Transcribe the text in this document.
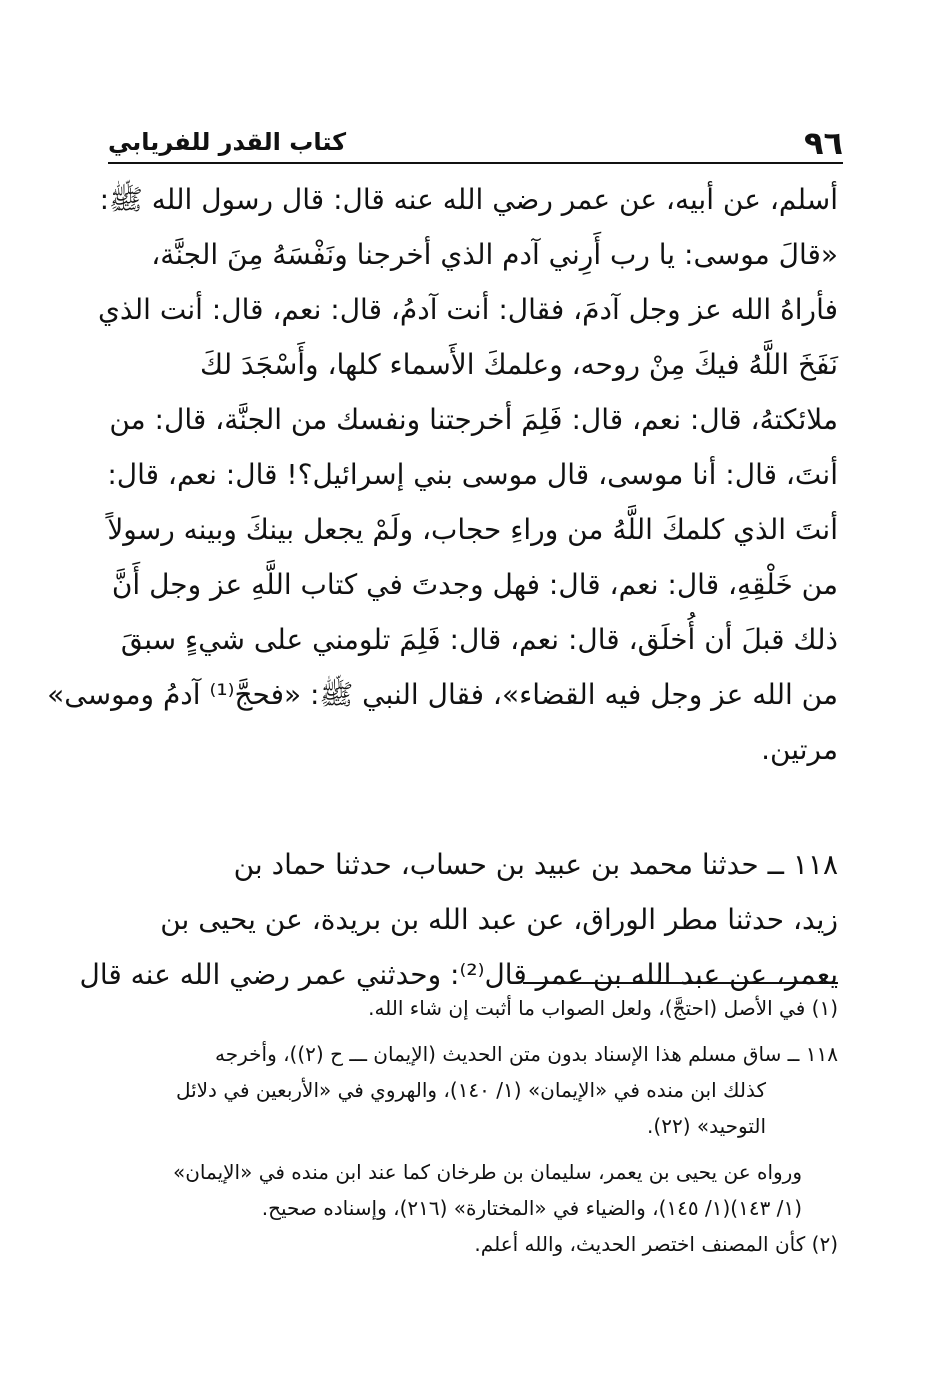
٩٦
كتاب القدر للفريابي
أسلم، عن أبيه، عن عمر رضي الله عنه قال: قال رسول الله ﷺ:
«قالَ موسى: يا رب أَرِني آدم الذي أخرجنا ونَفْسَهُ مِنَ الجنَّة،
فأراهُ الله عز وجل آدمَ، فقال: أنت آدمُ، قال: نعم، قال: أنت الذي
نَفَخَ اللَّهُ فيكَ مِنْ روحه، وعلمكَ الأَسماء كلها، وأَسْجَدَ لكَ
ملائكتهُ، قال: نعم، قال: فَلِمَ أخرجتنا ونفسك من الجنَّة، قال: من
أنتَ، قال: أنا موسى، قال موسى بني إسرائيل؟! قال: نعم، قال:
أنتَ الذي كلمكَ اللَّهُ من وراءِ حجاب، ولَمْ يجعل بينكَ وبينه رسولاً
من خَلْقِهِ، قال: نعم، قال: فهل وجدتَ في كتاب اللَّهِ عز وجل أَنَّ
ذلك قبلَ أن أُخلَق، قال: نعم، قال: فَلِمَ تلومني على شيءٍ سبقَ
من الله عز وجل فيه القضاء»، فقال النبي ﷺ: «فحجَّ⁽¹⁾ آدمُ وموسى»
مرتين.
١١٨ ــ حدثنا محمد بن عبيد بن حساب، حدثنا حماد بن
زيد، حدثنا مطر الوراق، عن عبد الله بن بريدة، عن يحيى بن
يعمر، عن عبد الله بن عمر قال⁽²⁾: وحدثني عمر رضي الله عنه قال
(١) في الأصل (احتجَّ)، ولعل الصواب ما أثبت إن شاء الله.
١١٨ ــ ساق مسلم هذا الإسناد بدون متن الحديث (الإيمان ـــ ح (٢))، وأخرجه
كذلك ابن منده في «الإيمان» (١/ ١٤٠)، والهروي في «الأربعين في دلائل
التوحيد» (٢٢).
ورواه عن يحيى بن يعمر، سليمان بن طرخان كما عند ابن منده في «الإيمان»
(١/ ١٤٣)(١/ ١٤٥)، والضياء في «المختارة» (٢١٦)، وإسناده صحيح.
(٢) كأن المصنف اختصر الحديث، والله أعلم.
